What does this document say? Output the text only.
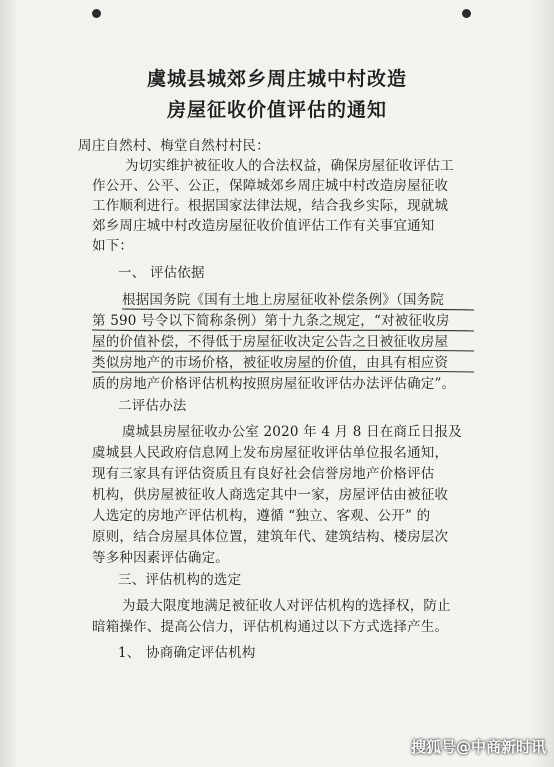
虞城县城郊乡周庄城中村改造
房屋征收价值评估的通知
周庄自然村、梅堂自然村村民：
为切实维护被征收人的合法权益，确保房屋征收评估工
作公开、公平、公正，保障城郊乡周庄城中村改造房屋征收
工作顺利进行。根据国家法律法规，结合我乡实际，现就城
郊乡周庄城中村改造房屋征收价值评估工作有关事宜通知
如下：
一、 评估依据
根据国务院《国有土地上房屋征收补偿条例》（国务院
第 590 号令以下简称条例）第十九条之规定，“对被征收房
屋的价值补偿，不得低于房屋征收决定公告之日被征收房屋
类似房地产的市场价格，被征收房屋的价值，由具有相应资
质的房地产价格评估机构按照房屋征收评估办法评估确定”。
二评估办法
虞城县房屋征收办公室 2020 年 4 月 8 日在商丘日报及
虞城县人民政府信息网上发布房屋征收评估单位报名通知，
现有三家具有评估资质且有良好社会信誉房地产价格评估
机构，供房屋被征收人商选定其中一家，房屋评估由被征收
人选定的房地产评估机构，遵循 “独立、客观、公开” 的
原则，结合房屋具体位置，建筑年代、建筑结构、楼房层次
等多种因素评估确定。
三、评估机构的选定
为最大限度地满足被征收人对评估机构的选择权，防止
暗箱操作、提高公信力，评估机构通过以下方式选择产生。
1、 协商确定评估机构
搜狐号@中商新时讯
